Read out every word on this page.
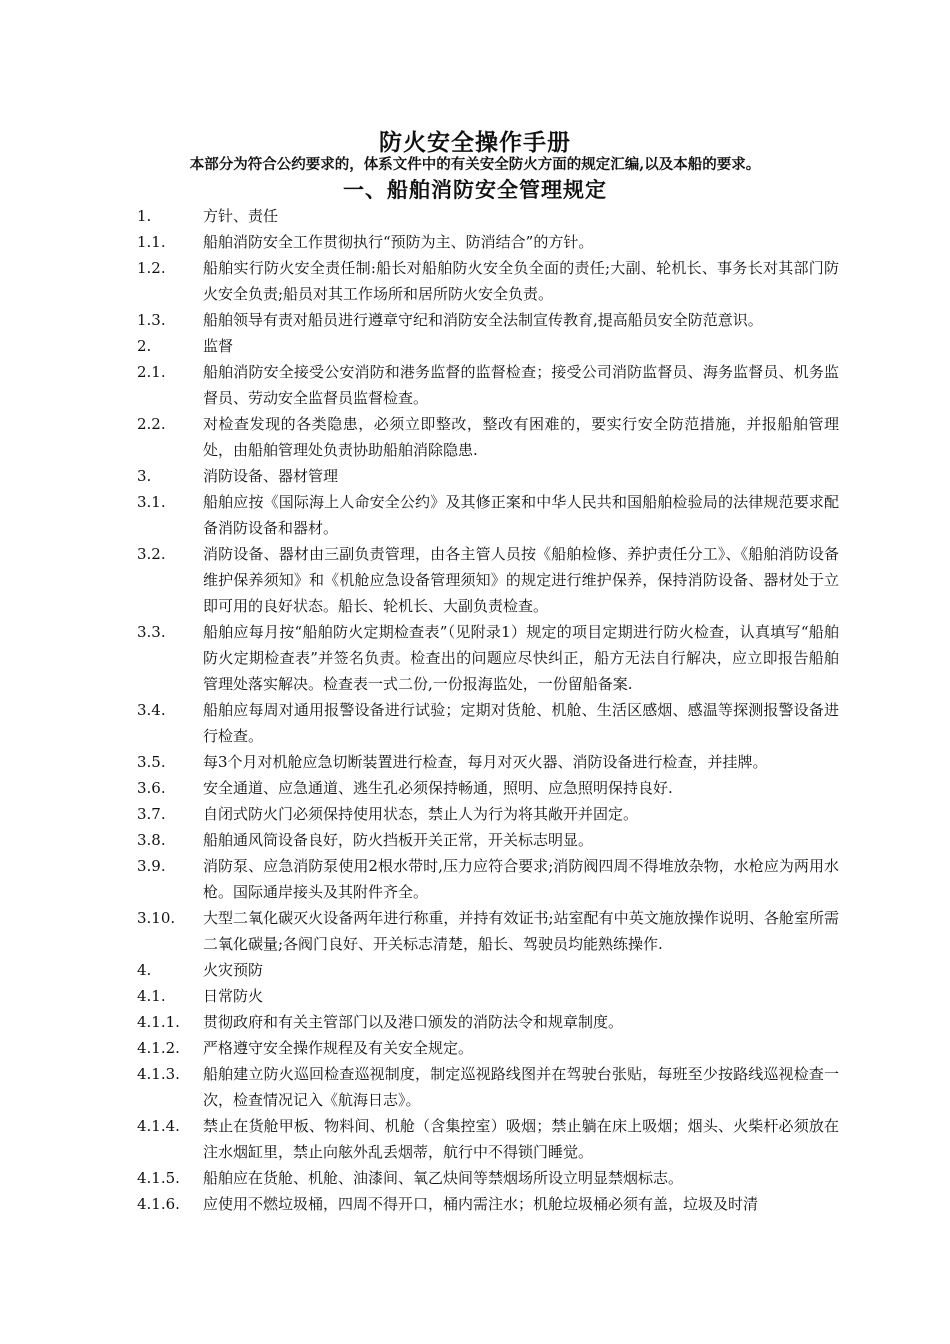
防火安全操作手册
本部分为符合公约要求的，体系文件中的有关安全防火方面的规定汇编,以及本船的要求。
一、船舶消防安全管理规定
1.	方针、责任
1.1.	船舶消防安全工作贯彻执行“预防为主、防消结合”的方针。
1.2.	船舶实行防火安全责任制:船长对船舶防火安全负全面的责任;大副、轮机长、事务长对其部门防火安全负责;船员对其工作场所和居所防火安全负责。
1.3.	船舶领导有责对船员进行遵章守纪和消防安全法制宣传教育,提高船员安全防范意识。
2.	监督
2.1.	船舶消防安全接受公安消防和港务监督的监督检查；接受公司消防监督员、海务监督员、机务监督员、劳动安全监督员监督检查。
2.2.	对检查发现的各类隐患，必须立即整改，整改有困难的，要实行安全防范措施，并报船舶管理处，由船舶管理处负责协助船舶消除隐患.
3.	消防设备、器材管理
3.1.	船舶应按《国际海上人命安全公约》及其修正案和中华人民共和国船舶检验局的法律规范要求配备消防设备和器材。
3.2.	消防设备、器材由三副负责管理，由各主管人员按《船舶检修、养护责任分工》、《船舶消防设备维护保养须知》和《机舱应急设备管理须知》的规定进行维护保养，保持消防设备、器材处于立即可用的良好状态。船长、轮机长、大副负责检查。
3.3.	船舶应每月按“船舶防火定期检查表”（见附录1）规定的项目定期进行防火检查，认真填写“船舶防火定期检查表”并签名负责。检查出的问题应尽快纠正，船方无法自行解决，应立即报告船舶管理处落实解决。检查表一式二份,一份报海监处，一份留船备案.
3.4.	船舶应每周对通用报警设备进行试验；定期对货舱、机舱、生活区感烟、感温等探测报警设备进行检查。
3.5.	每3个月对机舱应急切断装置进行检查，每月对灭火器、消防设备进行检查，并挂牌。
3.6.	安全通道、应急通道、逃生孔必须保持畅通，照明、应急照明保持良好.
3.7.	自闭式防火门必须保持使用状态，禁止人为行为将其敞开并固定。
3.8.	船舶通风筒设备良好，防火挡板开关正常，开关标志明显。
3.9.	消防泵、应急消防泵使用2根水带时,压力应符合要求;消防阀四周不得堆放杂物，水枪应为两用水枪。国际通岸接头及其附件齐全。
3.10.	大型二氧化碳灭火设备两年进行称重，并持有效证书;站室配有中英文施放操作说明、各舱室所需二氧化碳量;各阀门良好、开关标志清楚，船长、驾驶员均能熟练操作.
4.	火灾预防
4.1.	日常防火
4.1.1.	贯彻政府和有关主管部门以及港口颁发的消防法令和规章制度。
4.1.2.	严格遵守安全操作规程及有关安全规定。
4.1.3.	船舶建立防火巡回检查巡视制度，制定巡视路线图并在驾驶台张贴，每班至少按路线巡视检查一次，检查情况记入《航海日志》。
4.1.4.	禁止在货舱甲板、物料间、机舱（含集控室）吸烟；禁止躺在床上吸烟；烟头、火柴杆必须放在注水烟缸里，禁止向舷外乱丢烟蒂，航行中不得锁门睡觉。
4.1.5.	船舶应在货舱、机舱、油漆间、氧乙炔间等禁烟场所设立明显禁烟标志。
4.1.6.	应使用不燃垃圾桶，四周不得开口，桶内需注水；机舱垃圾桶必须有盖，垃圾及时清
